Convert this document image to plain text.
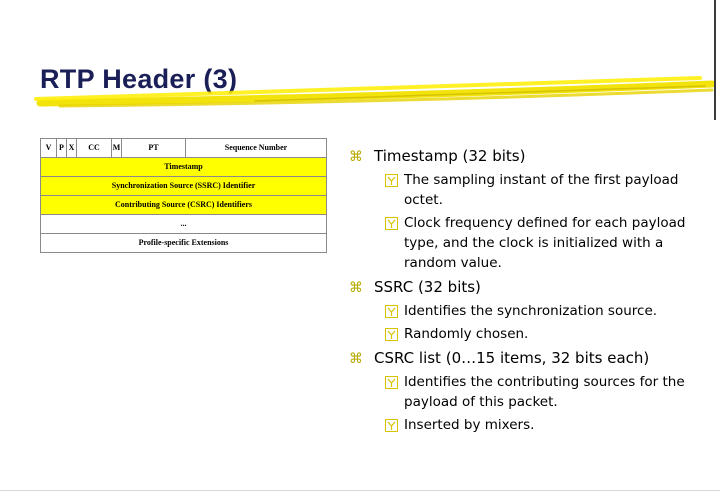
RTP Header (3)
V	P	X	CC	M	PT	Sequence Number
Timestamp
Synchronization Source (SSRC) Identifier
Contributing Source (CSRC) Identifiers
...
Profile-specific Extensions
⌘ Timestamp (32 bits)
The sampling instant of the first payload octet.
Clock frequency defined for each payload type, and the clock is initialized with a random value.
⌘ SSRC (32 bits)
Identifies the synchronization source.
Randomly chosen.
⌘ CSRC list (0…15 items, 32 bits each)
Identifies the contributing sources for the payload of this packet.
Inserted by mixers.
